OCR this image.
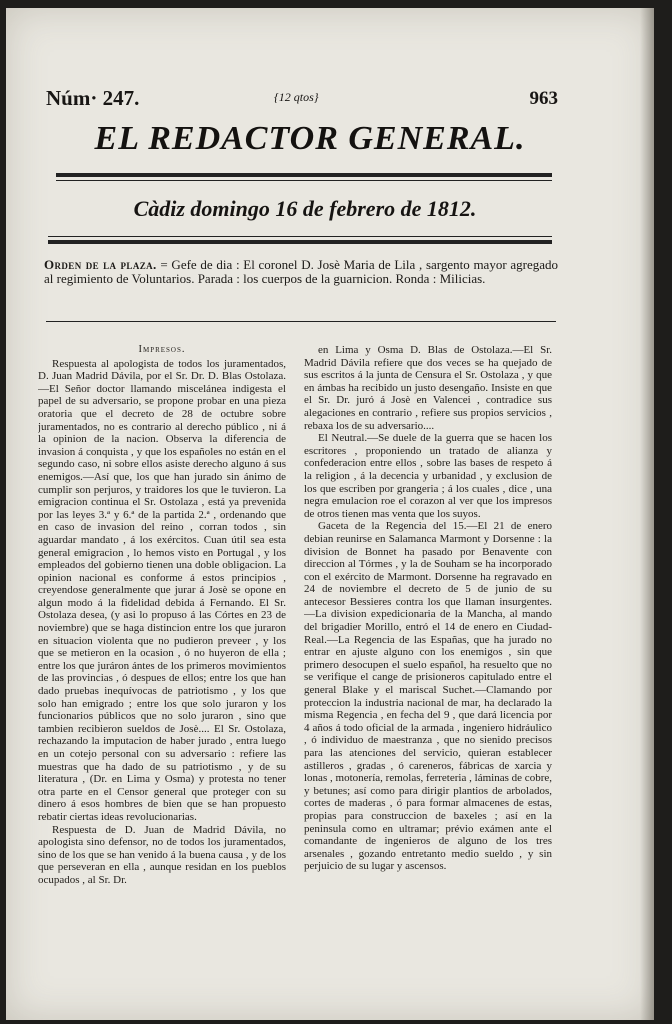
Núm· 247.	{12 qtos}	963
EL REDACTOR GENERAL.
Càdiz domingo 16 de febrero de 1812.
Orden de la plaza. = Gefe de dia : El coronel D. Josè Maria de Lila , sargento mayor agregado al regimiento de Voluntarios. Parada : los cuerpos de la guarnicion. Ronda : Milicias.

Impresos.

Respuesta al apologista de todos los juramentados, D. Juan Madrid Dávila, por el Sr. Dr. D. Blas Ostolaza. —El Señor doctor llamando miscelánea indigesta el papel de su adversario, se propone probar en una pieza oratoria que el decreto de 28 de octubre sobre juramentados, no es contrario al derecho público , ni á la opinion de la nacion. Observa la diferencia de invasion á conquista , y que los españoles no están en el segundo caso, ni sobre ellos asiste derecho alguno á sus enemigos.—Así que, los que han jurado sin ánimo de cumplir son perjuros, y traidores los que le tuvieron. La emigracion continua el Sr. Ostolaza , está ya prevenida por las leyes 3.ª y 6.ª de la partida 2.ª , ordenando que en caso de invasion del reino , corran todos , sin aguardar mandato , á los exércitos. Cuan útil sea esta general emigracion , lo hemos visto en Portugal , y los empleados del gobierno tienen una doble obligacion. La opinion nacional es conforme á estos principios , creyendose generalmente que jurar á Josè se opone en algun modo á la fidelidad debida á Fernando. El Sr. Ostolaza desea, (y asi lo propuso á las Córtes en 23 de noviembre) que se haga distincion entre los que juraron en situacion violenta que no pudieron preveer , y los que se metieron en la ocasion , ó no huyeron de ella ; entre los que juráron ántes de los primeros movimientos de las provincias , ó despues de ellos; entre los que han dado pruebas inequívocas de patriotismo , y los que solo han emigrado ; entre los que solo juraron y los funcionarios públicos que no solo juraron , sino que tambien recibieron sueldos de Josè.... El Sr. Ostolaza, rechazando la imputacion de haber jurado , entra luego en un cotejo personal con su adversario : refiere las muestras que ha dado de su patriotismo , y de su literatura , (Dr. en Lima y Osma) y protesta no tener otra parte en el Censor general que proteger con su dinero á esos hombres de bien que se han propuesto rebatir ciertas ideas revolucionarias.

Respuesta de D. Juan de Madrid Dávila, no apologista sino defensor, no de todos los juramentados, sino de los que se han venido á la buena causa , y de los que perseveran en ella , aunque residan en los pueblos ocupados , al Sr. Dr.

en Lima y Osma D. Blas de Ostolaza.—El Sr. Madrid Dávila refiere que dos veces se ha quejado de sus escritos á la junta de Censura el Sr. Ostolaza , y que en ámbas ha recibido un justo desengaño. Insiste en que el Sr. Dr. juró á Josè en Valencei , contradice sus alegaciones en contrario , refiere sus propios servicios , rebaxa los de su adversario....

El Neutral.—Se duele de la guerra que se hacen los escritores , proponiendo un tratado de alianza y confederacion entre ellos , sobre las bases de respeto á la religion , á la decencia y urbanidad , y exclusion de los que escriben por grangeria ; á los cuales , dice , una negra emulacion roe el corazon al ver que los impresos de otros tienen mas venta que los suyos.

Gaceta de la Regencia del 15.—El 21 de enero debian reunirse en Salamanca Marmont y Dorsenne : la division de Bonnet ha pasado por Benavente con direccion al Tórmes , y la de Souham se ha incorporado con el exército de Marmont. Dorsenne ha regravado en 24 de noviembre el decreto de 5 de junio de su antecesor Bessieres contra los que llaman insurgentes.—La division expedicionaria de la Mancha, al mando del brigadier Morillo, entró el 14 de enero en Ciudad-Real.—La Regencia de las Españas, que ha jurado no entrar en ajuste alguno con los enemigos , sin que primero desocupen el suelo español, ha resuelto que no se verifique el cange de prisioneros capitulado entre el general Blake y el mariscal Suchet.—Clamando por proteccion la industria nacional de mar, ha declarado la misma Regencia , en fecha del 9 , que dará licencia por 4 años á todo oficial de la armada , ingeniero hidráulico , ó individuo de maestranza , que no sienido precisos para las atenciones del servicio, quieran establecer astilleros , gradas , ó careneros, fábricas de xarcia y lonas , motonería, remolas, ferreteria , láminas de cobre, y betunes; así como para dirigir plantios de arbolados, cortes de maderas , ó para formar almacenes de estas, propias para construccion de baxeles ; así en la peninsula como en ultramar; prévio exámen ante el comandante de ingenieros de alguno de los tres arsenales , gozando entretanto medio sueldo , y sin perjuicio de su lugar y ascensos.
